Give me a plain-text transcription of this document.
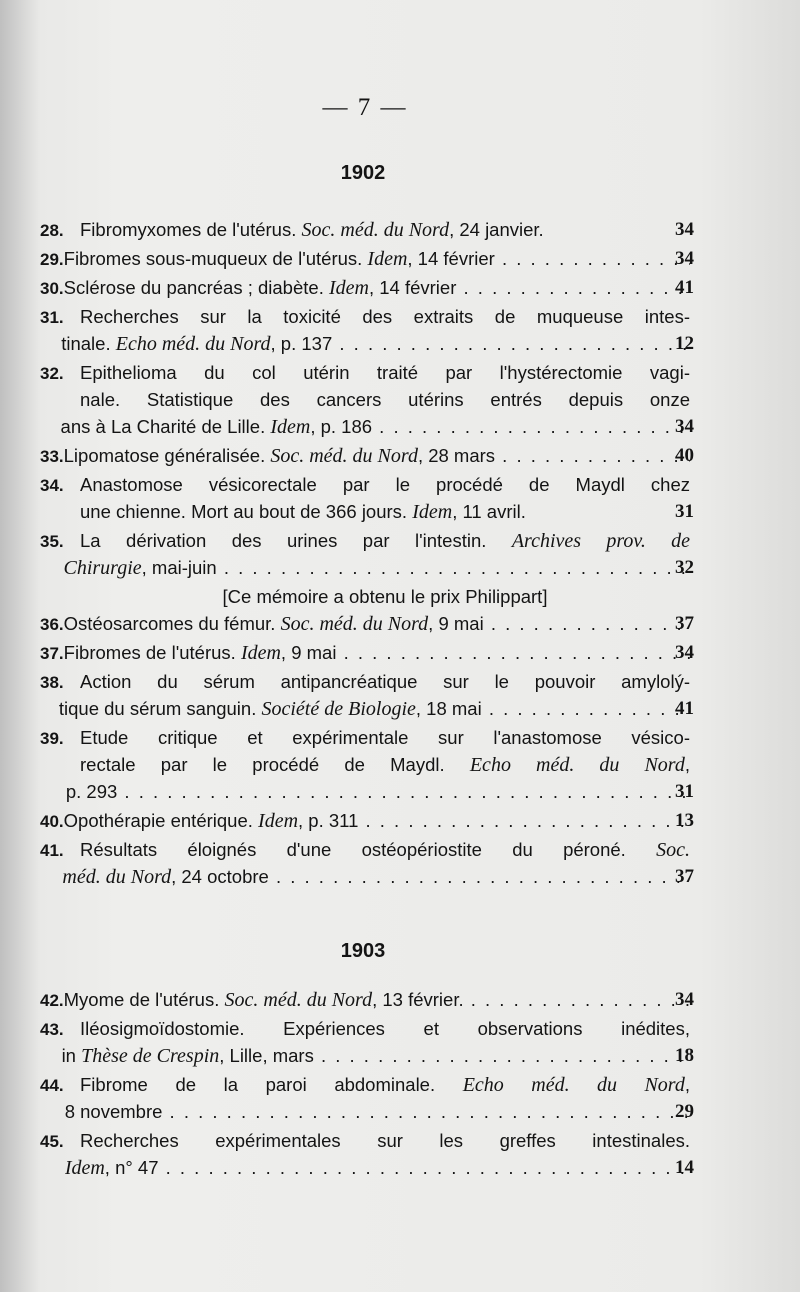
— 7 —
1902
28. Fibromyxomes de l'utérus. Soc. méd. du Nord, 24 janvier.	34
29. Fibromes sous-muqueux de l'utérus. Idem, 14 février . . .	34
30. Sclérose du pancréas ; diabète. Idem, 14 février . . .	41
31. Recherches sur la toxicité des extraits de muqueuse intes-
tinale. Echo méd. du Nord, p. 137 . . .	12
32. Epithelioma du col utérin traité par l'hystérectomie vagi-
nale. Statistique des cancers utérins entrés depuis onze
ans à La Charité de Lille. Idem, p. 186 . . .	34
33. Lipomatose généralisée. Soc. méd. du Nord, 28 mars . . .	40
34. Anastomose vésicorectale par le procédé de Maydl chez
une chienne. Mort au bout de 366 jours. Idem, 11 avril.	31
35. La dérivation des urines par l'intestin. Archives prov. de
Chirurgie, mai-juin . . .	32
[Ce mémoire a obtenu le prix Philippart]
36. Ostéosarcomes du fémur. Soc. méd. du Nord, 9 mai . . .	37
37. Fibromes de l'utérus. Idem, 9 mai . . .	34
38. Action du sérum antipancréatique sur le pouvoir amylolý-
tique du sérum sanguin. Société de Biologie, 18 mai . . .	41
39. Etude critique et expérimentale sur l'anastomose vésico-
rectale par le procédé de Maydl. Echo méd. du Nord,
p. 293 . . .	31
40. Opothérapie entérique. Idem, p. 311 . . .	13
41. Résultats éloignés d'une ostéopériostite du péroné. Soc.
méd. du Nord, 24 octobre . . .	37
1903
42. Myome de l'utérus. Soc. méd. du Nord, 13 février. . . .	34
43. Iléosigmoïdostomie. Expériences et observations inédites,
in Thèse de Crespin, Lille, mars . . .	18
44. Fibrome de la paroi abdominale. Echo méd. du Nord,
8 novembre . . .	29
45. Recherches expérimentales sur les greffes intestinales.
Idem, n° 47 . . .	14
